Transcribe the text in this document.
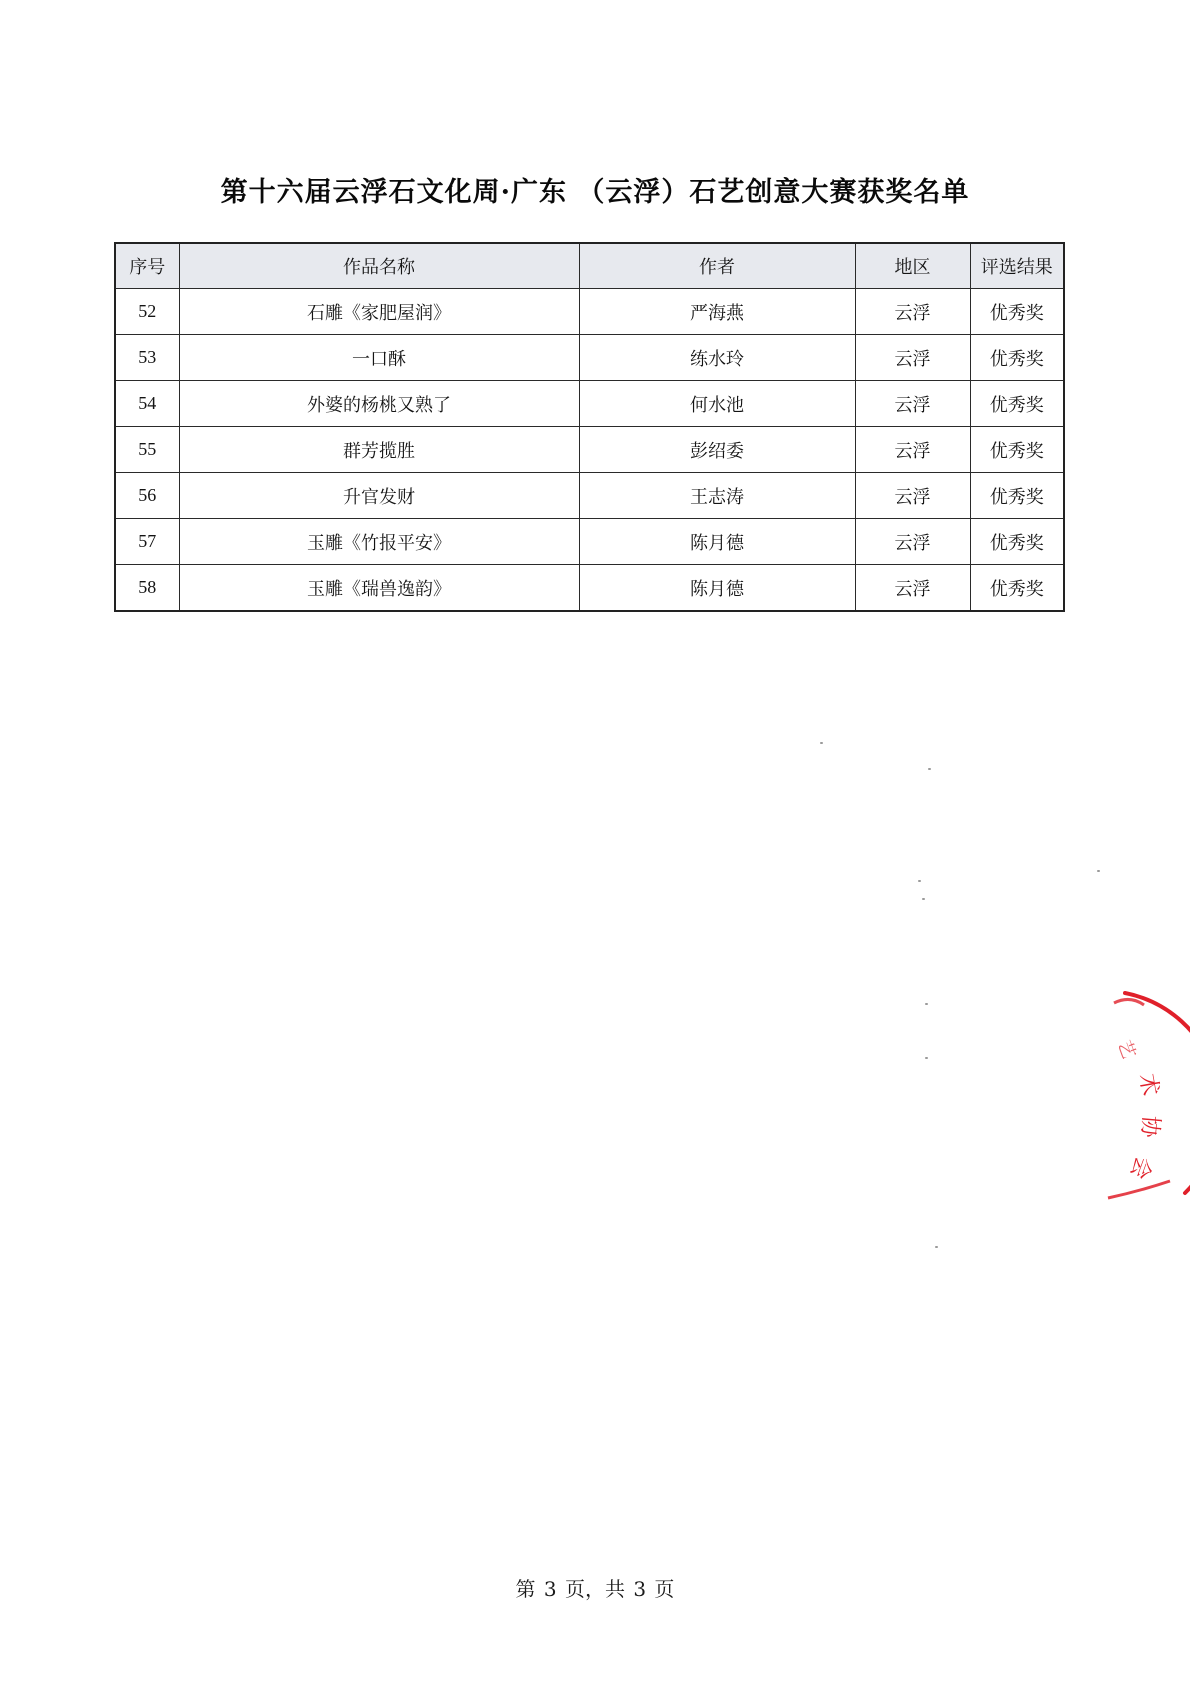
第十六届云浮石文化周·广东 （云浮）石艺创意大赛获奖名单
序号	作品名称	作者	地区	评选结果
52	石雕《家肥屋润》	严海燕	云浮	优秀奖
53	一口酥	练水玲	云浮	优秀奖
54	外婆的杨桃又熟了	何水池	云浮	优秀奖
55	群芳揽胜	彭绍委	云浮	优秀奖
56	升官发财	王志涛	云浮	优秀奖
57	玉雕《竹报平安》	陈月德	云浮	优秀奖
58	玉雕《瑞兽逸韵》	陈月德	云浮	优秀奖
艺
术
协
会
第 3 页，共 3 页
